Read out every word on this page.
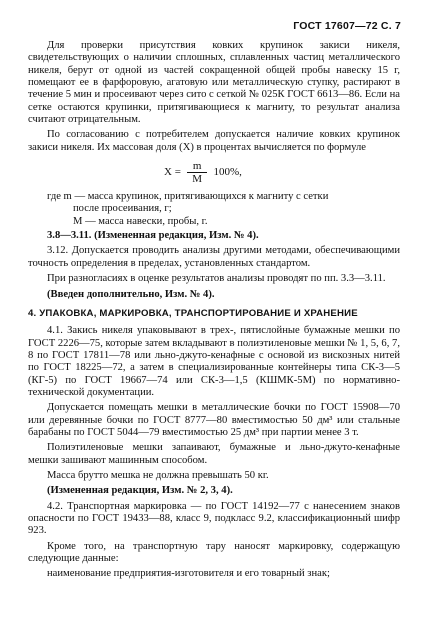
ГОСТ 17607—72 С. 7

Для проверки присутствия ковких крупинок закиси никеля, свидетельствующих о наличии сплошных, сплавленных частиц металлического никеля, берут от одной из частей сокращенной общей пробы навеску 15 г, помещают ее в фарфоровую, агатовую или металлическую ступку, растирают в течение 5 мин и просеивают через сито с сеткой № 025К ГОСТ 6613—86. Если на сетке остаются крупинки, притягивающиеся к магниту, то результат анализа считают отрицательным.

По согласованию с потребителем допускается наличие ковких крупинок закиси никеля. Их массовая доля (X) в процентах вычисляется по формуле

$X = \frac{m}{M} 100\%$,
где m — масса крупинок, притягивающихся к магниту с сетки
после просеивания, г;
M — масса навески, пробы, г.

3.8—3.11. (Измененная редакция, Изм. № 4).

3.12. Допускается проводить анализы другими методами, обеспечивающими точность определения в пределах, установленных стандартом.

При разногласиях в оценке результатов анализы проводят по пп. 3.3—3.11.

(Введен дополнительно, Изм. № 4).

4. УПАКОВКА, МАРКИРОВКА, ТРАНСПОРТИРОВАНИЕ И ХРАНЕНИЕ

4.1. Закись никеля упаковывают в трех-, пятислойные бумажные мешки по ГОСТ 2226—75, которые затем вкладывают в полиэтиленовые мешки № 1, 5, 6, 7, 8 по ГОСТ 17811—78 или льнo-джуто-кенафные с основой из вискозных нитей по ГОСТ 18225—72, а затем в специализированные контейнеры типа СК-3—5 (КГ-5) по ГОСТ 19667—74 или СК-3—1,5 (КШМК-5М) по нормативно-технической документации.

Допускается помещать мешки в металлические бочки по ГОСТ 15908—70 или деревянные бочки по ГОСТ 8777—80 вместимостью 50 дм³ или стальные барабаны по ГОСТ 5044—79 вместимостью 25 дм³ при партии менее 3 т.

Полиэтиленовые мешки запаивают, бумажные и льно-джуто-кенафные мешки зашивают машинным способом.

Масса брутто мешка не должна превышать 50 кг.

(Измененная редакция, Изм. № 2, 3, 4).

4.2. Транспортная маркировка — по ГОСТ 14192—77 с нанесением знаков опасности по ГОСТ 19433—88, класс 9, подкласс 9.2, классификационный шифр 923.

Кроме того, на транспортную тару наносят маркировку, содержащую следующие данные:

наименование предприятия-изготовителя и его товарный знак;
